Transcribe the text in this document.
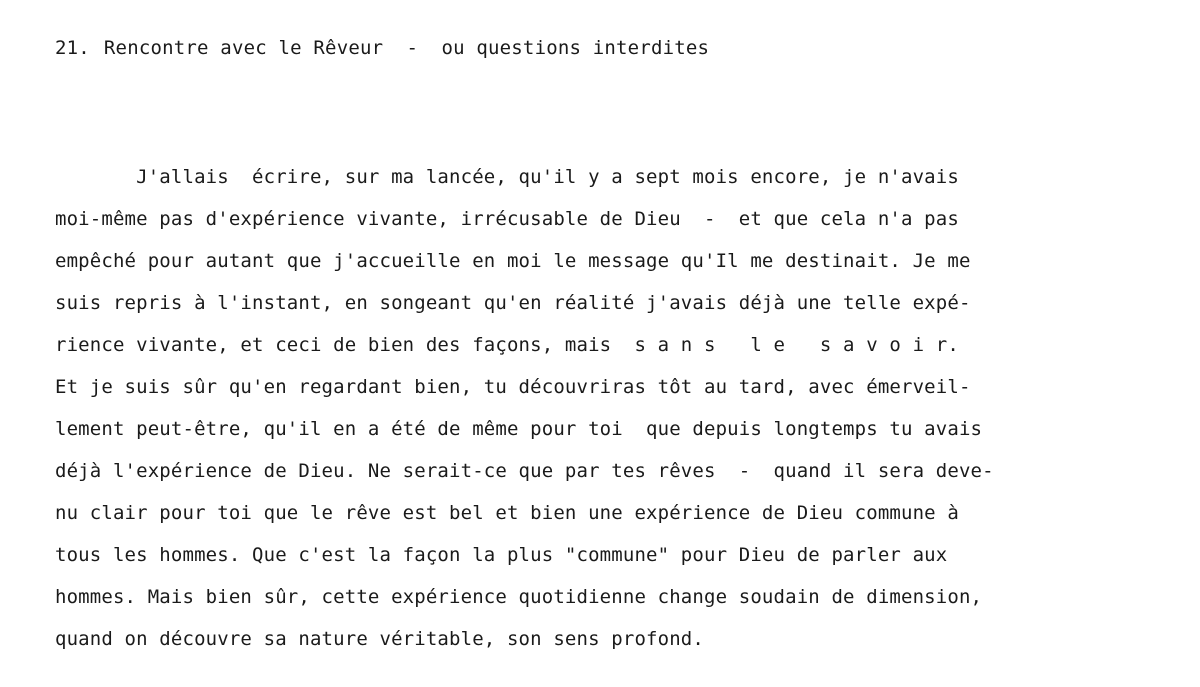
21. Rencontre avec le Rêveur  -  ou questions interdites
J'allais  écrire, sur ma lancée, qu'il y a sept mois encore, je n'avais
moi-même pas d'expérience vivante, irrécusable de Dieu  -  et que cela n'a pas
empêché pour autant que j'accueille en moi le message qu'Il me destinait. Je me
suis repris à l'instant, en songeant qu'en réalité j'avais déjà une telle expé-
rience vivante, et ceci de bien des façons, mais  s a n s   l e   s a v o i r.
Et je suis sûr qu'en regardant bien, tu découvriras tôt au tard, avec émerveil-
lement peut-être, qu'il en a été de même pour toi  que depuis longtemps tu avais
déjà l'expérience de Dieu. Ne serait-ce que par tes rêves  -  quand il sera deve-
nu clair pour toi que le rêve est bel et bien une expérience de Dieu commune à
tous les hommes. Que c'est la façon la plus "commune" pour Dieu de parler aux
hommes. Mais bien sûr, cette expérience quotidienne change soudain de dimension,
quand on découvre sa nature véritable, son sens profond.
